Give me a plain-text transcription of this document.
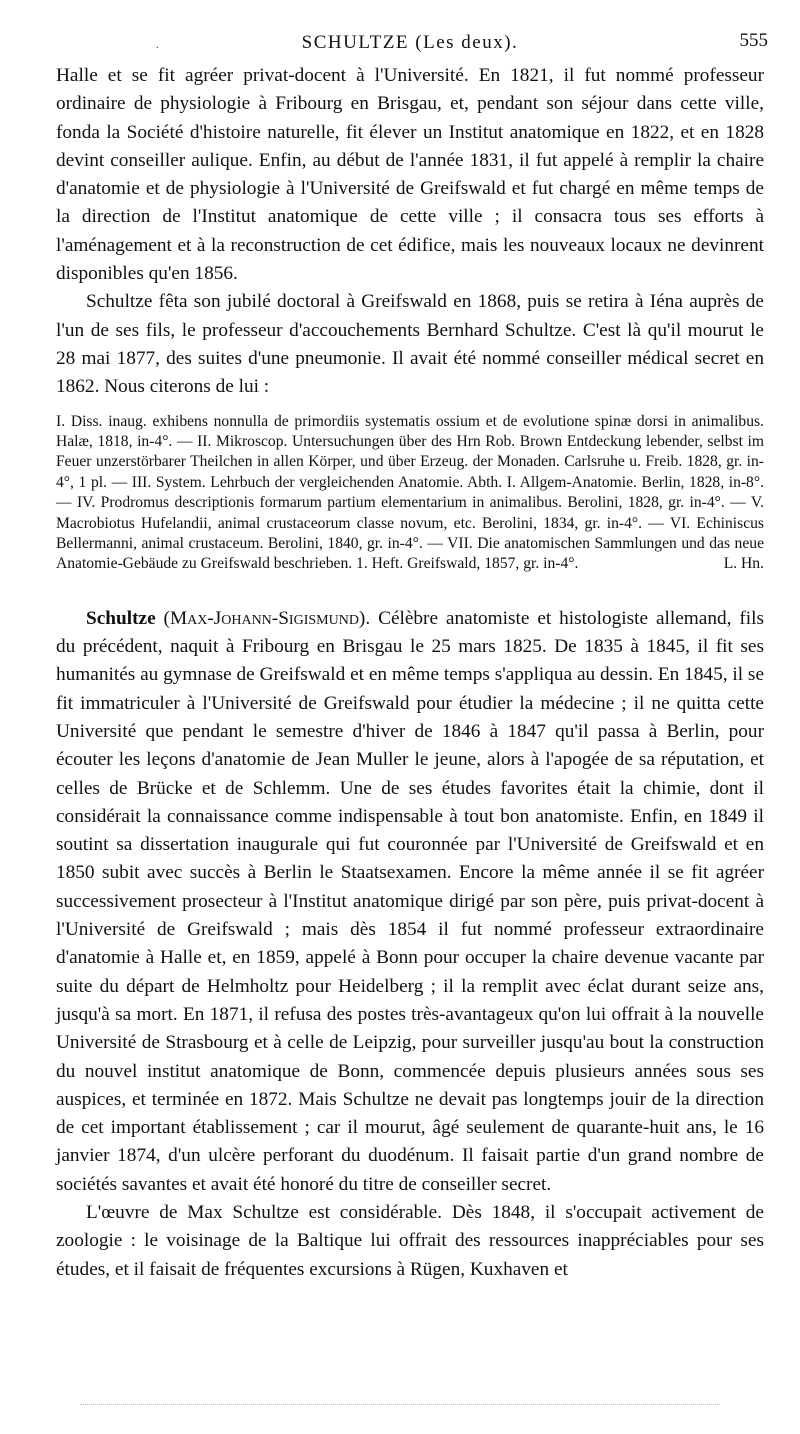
.	SCHULTZE (Les deux).	555

Halle et se fit agréer privat-docent à l'Université. En 1821, il fut nommé professeur ordinaire de physiologie à Fribourg en Brisgau, et, pendant son séjour dans cette ville, fonda la Société d'histoire naturelle, fit élever un Institut anatomique en 1822, et en 1828 devint conseiller aulique. Enfin, au début de l'année 1831, il fut appelé à remplir la chaire d'anatomie et de physiologie à l'Université de Greifswald et fut chargé en même temps de la direction de l'Institut anatomique de cette ville ; il consacra tous ses efforts à l'aménagement et à la reconstruction de cet édifice, mais les nouveaux locaux ne devinrent disponibles qu'en 1856.

Schultze fêta son jubilé doctoral à Greifswald en 1868, puis se retira à Iéna auprès de l'un de ses fils, le professeur d'accouchements Bernhard Schultze. C'est là qu'il mourut le 28 mai 1877, des suites d'une pneumonie. Il avait été nommé conseiller médical secret en 1862. Nous citerons de lui :

I. Diss. inaug. exhibens nonnulla de primordiis systematis ossium et de evolutione spinæ dorsi in animalibus. Halæ, 1818, in-4°. — II. Mikroscop. Untersuchungen über des Hrn Rob. Brown Entdeckung lebender, selbst im Feuer unzerstörbarer Theilchen in allen Körper, und über Erzeug. der Monaden. Carlsruhe u. Freib. 1828, gr. in-4°, 1 pl. — III. System. Lehrbuch der vergleichenden Anatomie. Abth. I. Allgem-Anatomie. Berlin, 1828, in-8°. — IV. Prodromus descriptionis formarum partium elementarium in animalibus. Berolini, 1828, gr. in-4°. — V. Macrobiotus Hufelandii, animal crustaceorum classe novum, etc. Berolini, 1834, gr. in-4°. — VI. Echiniscus Bellermanni, animal crustaceum. Berolini, 1840, gr. in-4°. — VII. Die anatomischen Sammlungen und das neue Anatomie-Gebäude zu Greifswald beschrieben. 1. Heft. Greifswald, 1857, gr. in-4°.	L. Hn.

Schultze (Max-Johann-Sigismund). Célèbre anatomiste et histologiste allemand, fils du précédent, naquit à Fribourg en Brisgau le 25 mars 1825. De 1835 à 1845, il fit ses humanités au gymnase de Greifswald et en même temps s'appliqua au dessin. En 1845, il se fit immatriculer à l'Université de Greifswald pour étudier la médecine ; il ne quitta cette Université que pendant le semestre d'hiver de 1846 à 1847 qu'il passa à Berlin, pour écouter les leçons d'anatomie de Jean Muller le jeune, alors à l'apogée de sa réputation, et celles de Brücke et de Schlemm. Une de ses études favorites était la chimie, dont il considérait la connaissance comme indispensable à tout bon anatomiste. Enfin, en 1849 il soutint sa dissertation inaugurale qui fut couronnée par l'Université de Greifswald et en 1850 subit avec succès à Berlin le Staatsexamen. Encore la même année il se fit agréer successivement prosecteur à l'Institut anatomique dirigé par son père, puis privat-docent à l'Université de Greifswald ; mais dès 1854 il fut nommé professeur extraordinaire d'anatomie à Halle et, en 1859, appelé à Bonn pour occuper la chaire devenue vacante par suite du départ de Helmholtz pour Heidelberg ; il la remplit avec éclat durant seize ans, jusqu'à sa mort. En 1871, il refusa des postes très-avantageux qu'on lui offrait à la nouvelle Université de Strasbourg et à celle de Leipzig, pour surveiller jusqu'au bout la construction du nouvel institut anatomique de Bonn, commencée depuis plusieurs années sous ses auspices, et terminée en 1872. Mais Schultze ne devait pas longtemps jouir de la direction de cet important établissement ; car il mourut, âgé seulement de quarante-huit ans, le 16 janvier 1874, d'un ulcère perforant du duodénum. Il faisait partie d'un grand nombre de sociétés savantes et avait été honoré du titre de conseiller secret.

L'œuvre de Max Schultze est considérable. Dès 1848, il s'occupait activement de zoologie : le voisinage de la Baltique lui offrait des ressources inappréciables pour ses études, et il faisait de fréquentes excursions à Rügen, Kuxhaven et
